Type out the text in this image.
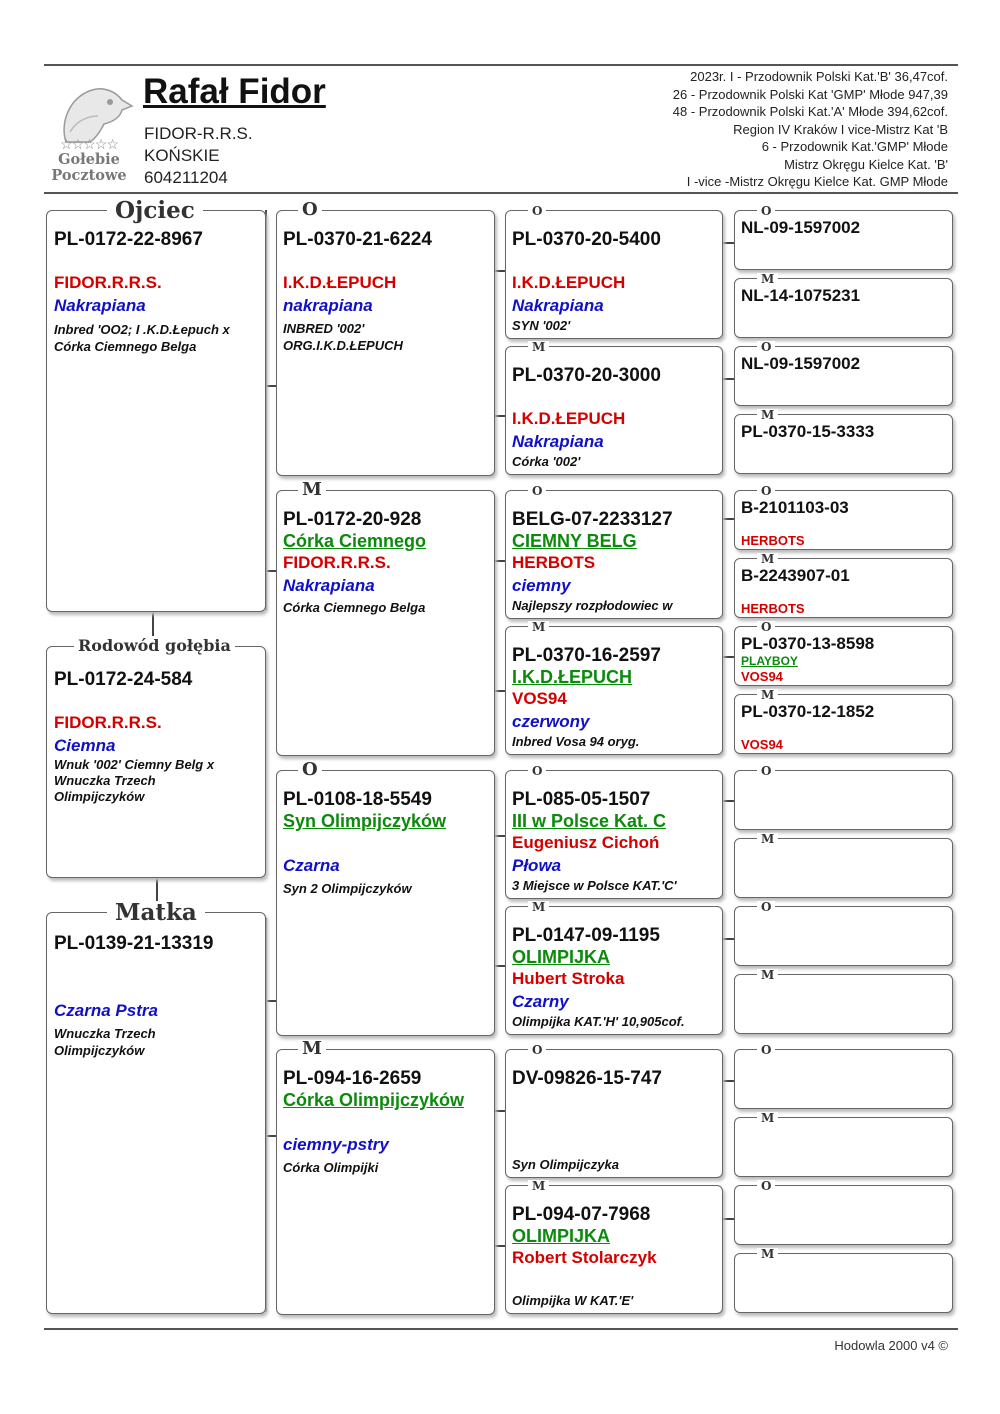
☆☆☆☆☆
Gołebie
Pocztowe
Rafał Fidor
FIDOR-R.R.S.
KOŃSKIE
604211204
2023r. I - Przodownik Polski Kat.'B' 36,47cof.
26 - Przodownik Polski Kat 'GMP' Młode 947,39
48 - Przodownik Polski Kat.'A' Młode 394,62cof.
Region IV Kraków I vice-Mistrz Kat 'B
6 - Przodownik Kat.'GMP' Młode
Mistrz Okręgu Kielce Kat. 'B'
I -vice -Mistrz Okręgu Kielce Kat. GMP Młode
PL-0172-22-8967
FIDOR.R.R.S.
Nakrapiana
Inbred 'OO2; I .K.D.Łepuch x
Córka Ciemnego Belga
Ojciec
PL-0172-24-584
FIDOR.R.R.S.
Ciemna
Wnuk '002' Ciemny Belg x
Wnuczka Trzech
Olimpijczyków
Rodowód gołębia
PL-0139-21-13319
Czarna Pstra
Wnuczka Trzech
Olimpijczyków
Matka
PL-0370-21-6224
I.K.D.ŁEPUCH
nakrapiana
INBRED '002'
ORG.I.K.D.ŁEPUCH
O
PL-0172-20-928
Córka Ciemnego
FIDOR.R.R.S.
Nakrapiana
Córka Ciemnego Belga
M
PL-0108-18-5549
Syn Olimpijczyków
Czarna
Syn 2 Olimpijczyków
O
PL-094-16-2659
Córka Olimpijczyków
ciemny-pstry
Córka Olimpijki
M
PL-0370-20-5400
I.K.D.ŁEPUCH
Nakrapiana
SYN '002'
O
PL-0370-20-3000
I.K.D.ŁEPUCH
Nakrapiana
Córka '002'
M
BELG-07-2233127
CIEMNY BELG
HERBOTS
ciemny
Najlepszy rozpłodowiec w
O
PL-0370-16-2597
I.K.D.ŁEPUCH
VOS94
czerwony
Inbred Vosa 94 oryg.
M
PL-085-05-1507
III w Polsce Kat. C
Eugeniusz Cichoń
Płowa
3 Miejsce w Polsce KAT.'C'
O
PL-0147-09-1195
OLIMPIJKA
Hubert Stroka
Czarny
Olimpijka KAT.'H' 10,905cof.
M
DV-09826-15-747
Syn Olimpijczyka
O
PL-094-07-7968
OLIMPIJKA
Robert Stolarczyk
Olimpijka W KAT.'E'
M
NL-09-1597002
O
NL-14-1075231
M
NL-09-1597002
O
PL-0370-15-3333
M
B-2101103-03
HERBOTS
O
B-2243907-01
HERBOTS
M
PL-0370-13-8598
PLAYBOY
VOS94
O
PL-0370-12-1852
VOS94
M
O
M
O
M
O
M
O
M
Hodowla 2000 v4 ©
